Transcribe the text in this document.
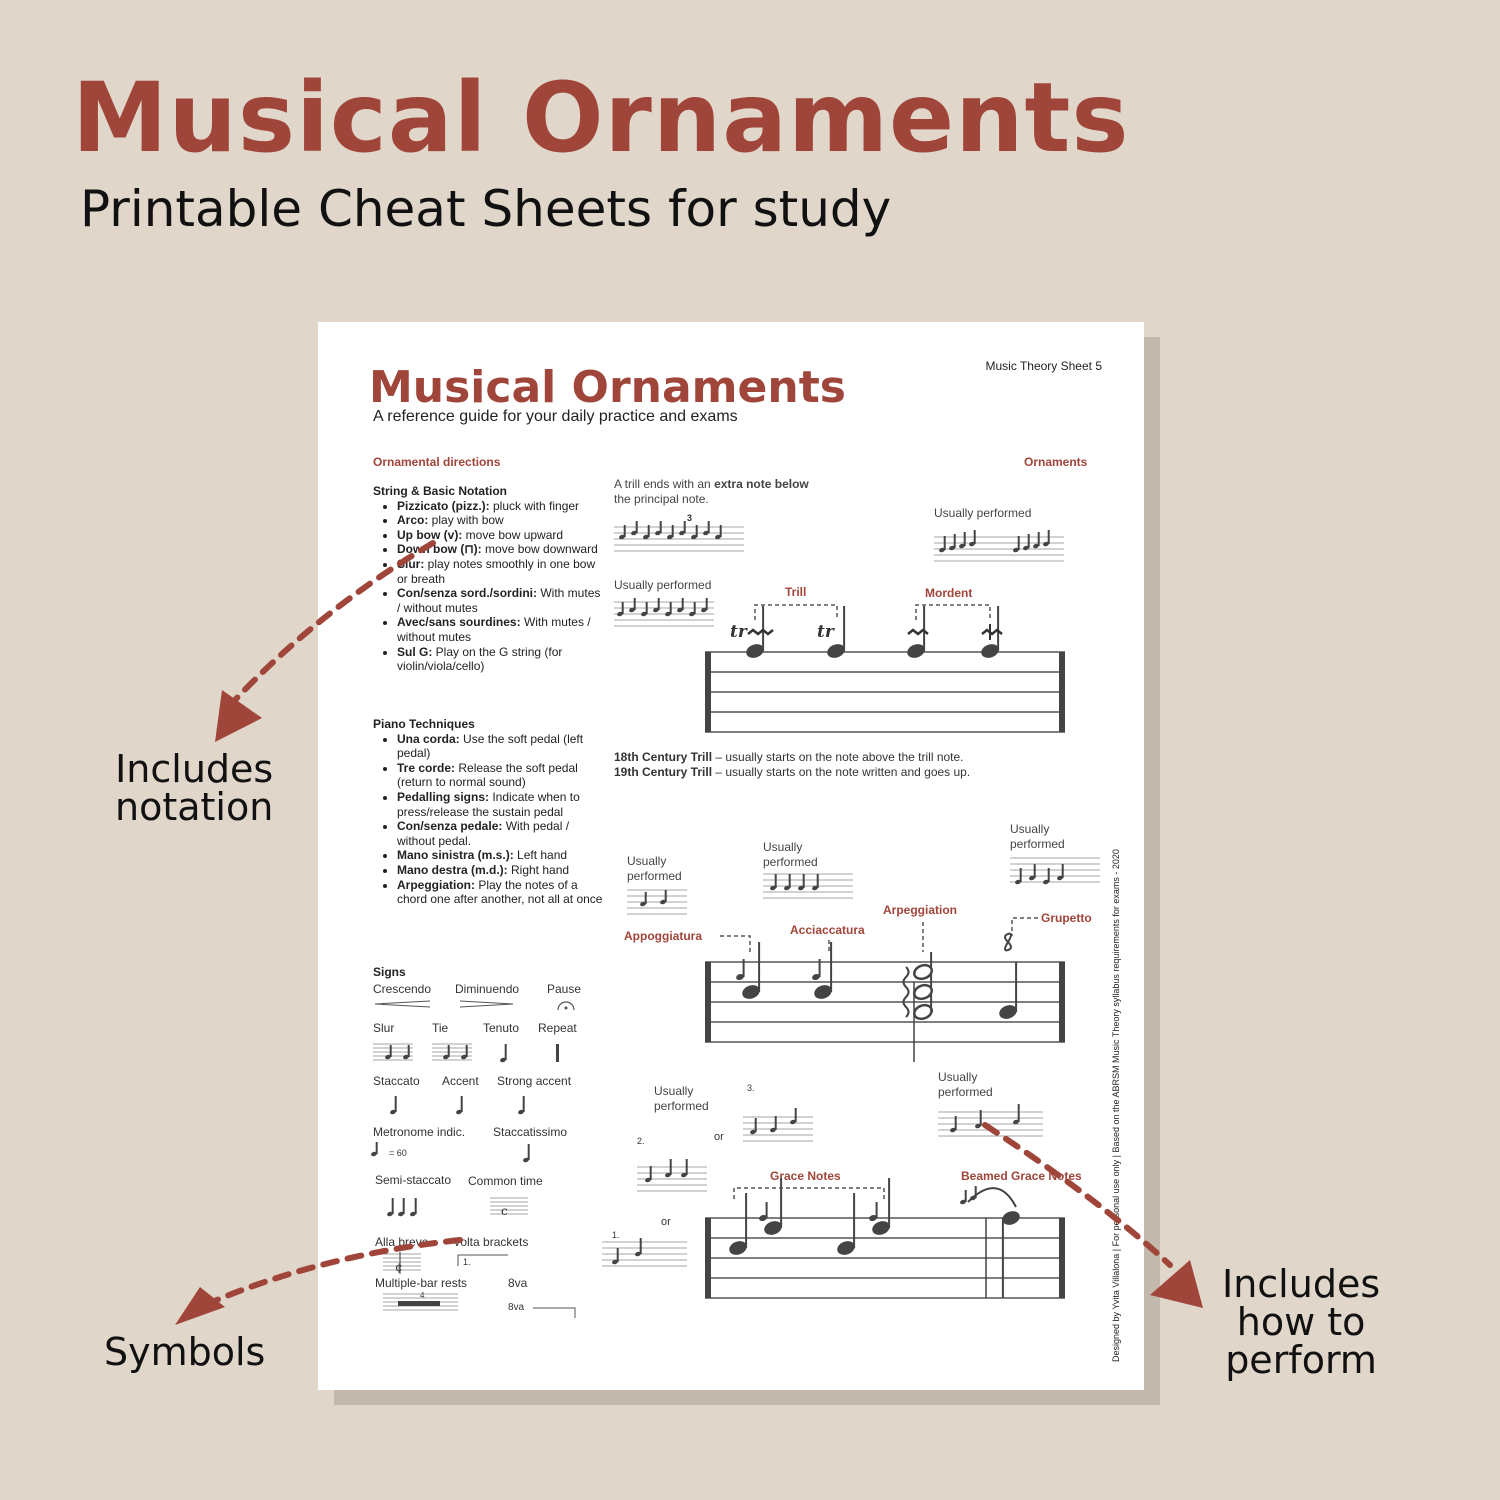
Musical Ornaments
Printable Cheat Sheets for study
Includes
notation
Symbols
Includes
how to
perform
Musical Ornaments
A reference guide for your daily practice and exams
Music Theory Sheet 5
Ornamental directions	Ornaments
String & Basic Notation
• Pizzicato (pizz.): pluck with finger
• Arco: play with bow
• Up bow (v): move bow upward
• Down bow (⊓): move bow downward
• Slur: play notes smoothly in one bow or breath
• Con/senza sord./sordini: With mutes / without mutes
• Avec/sans sourdines: With mutes / without mutes
• Sul G: Play on the G string (for violin/viola/cello)
Piano Techniques
• Una corda: Use the soft pedal (left pedal)
• Tre corde: Release the soft pedal (return to normal sound)
• Pedalling signs: Indicate when to press/release the sustain pedal
• Con/senza pedale: With pedal / without pedal.
• Mano sinistra (m.s.): Left hand
• Mano destra (m.d.): Right hand
• Arpeggiation: Play the notes of a chord one after another, not all at once
Signs
Crescendo Diminuendo Pause
Slur	Tie	Tenuto Repeat
Staccato Accent Strong accent
Metronome indic.
= 60
Staccatissimo
Semi-staccato Common time
Alla breve Volta brackets
1.
Multiple-bar rests
4
8va
8va
A trill ends with an extra note below the principal note.
3	Usually performed
Usually performed	Trill	Mordent
tr	tr
18th Century Trill – usually starts on the note above the trill note.
19th Century Trill – usually starts on the note written and goes up.
Usually
performed
Usually
performed
Usually
performed
Appoggiatura	Acciaccatura
Arpeggiation
Grupetto
Usually
performed
Usually
performed
3.
2.
1.
or
or
Grace Notes	Beamed Grace Notes	Designed by Yvita Villalona | For personal use only | Based on the ABRSM Music Theory syllabus requirements for exams - 2020
c
¢
